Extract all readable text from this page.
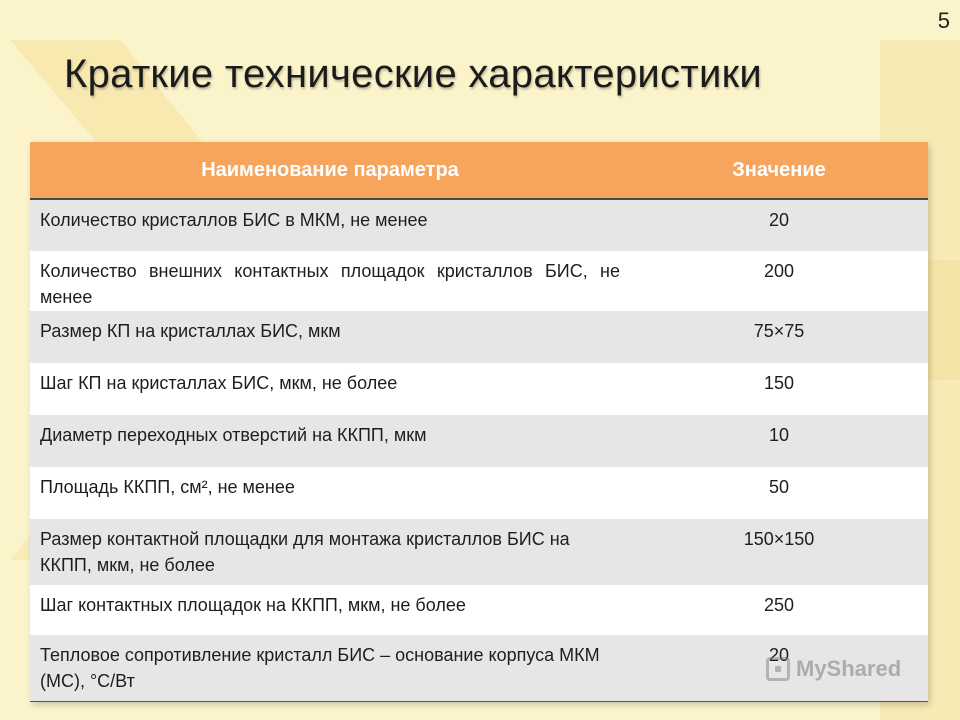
5
Краткие технические характеристики
Наименование параметра	Значение
Количество кристаллов БИС в МКМ, не менее	20
Количество внешних контактных площадок кристаллов БИС, не менее	200
Размер КП на кристаллах БИС, мкм	75×75
Шаг КП на кристаллах БИС, мкм, не более	150
Диаметр переходных отверстий на ККПП, мкм	10
Площадь ККПП, см², не менее	50
Размер контактной площадки для монтажа кристаллов БИС на ККПП, мкм, не более	150×150
Шаг контактных площадок на ККПП, мкм, не более	250
Тепловое сопротивление кристалл БИС – основание корпуса МКМ (МС), °С/Вт	20
MyShared
